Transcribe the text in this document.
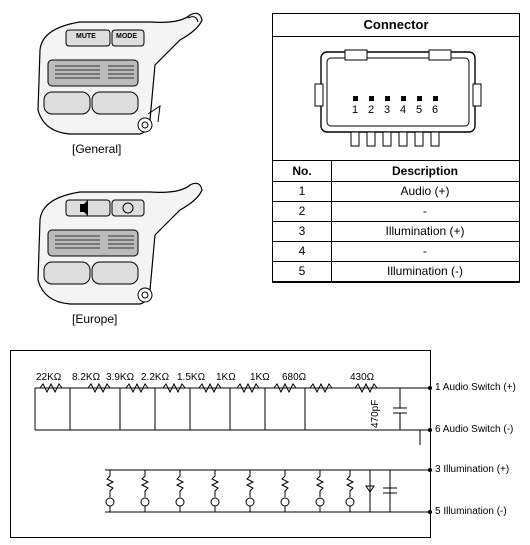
MUTE	MODE
[General]
[Europe]
Connector
1 2 3 4 5 6
No.	Description
1	Audio (+)
2	-
3	Illumination (+)
4	-
5	Illumination (-)
22KΩ 8.2KΩ 3.9KΩ 2.2KΩ 1.5KΩ 1KΩ 1KΩ 680Ω	430Ω
470pF
1 Audio Switch (+)
6 Audio Switch (-)
3 Illumination (+)
5 Illumination (-)
